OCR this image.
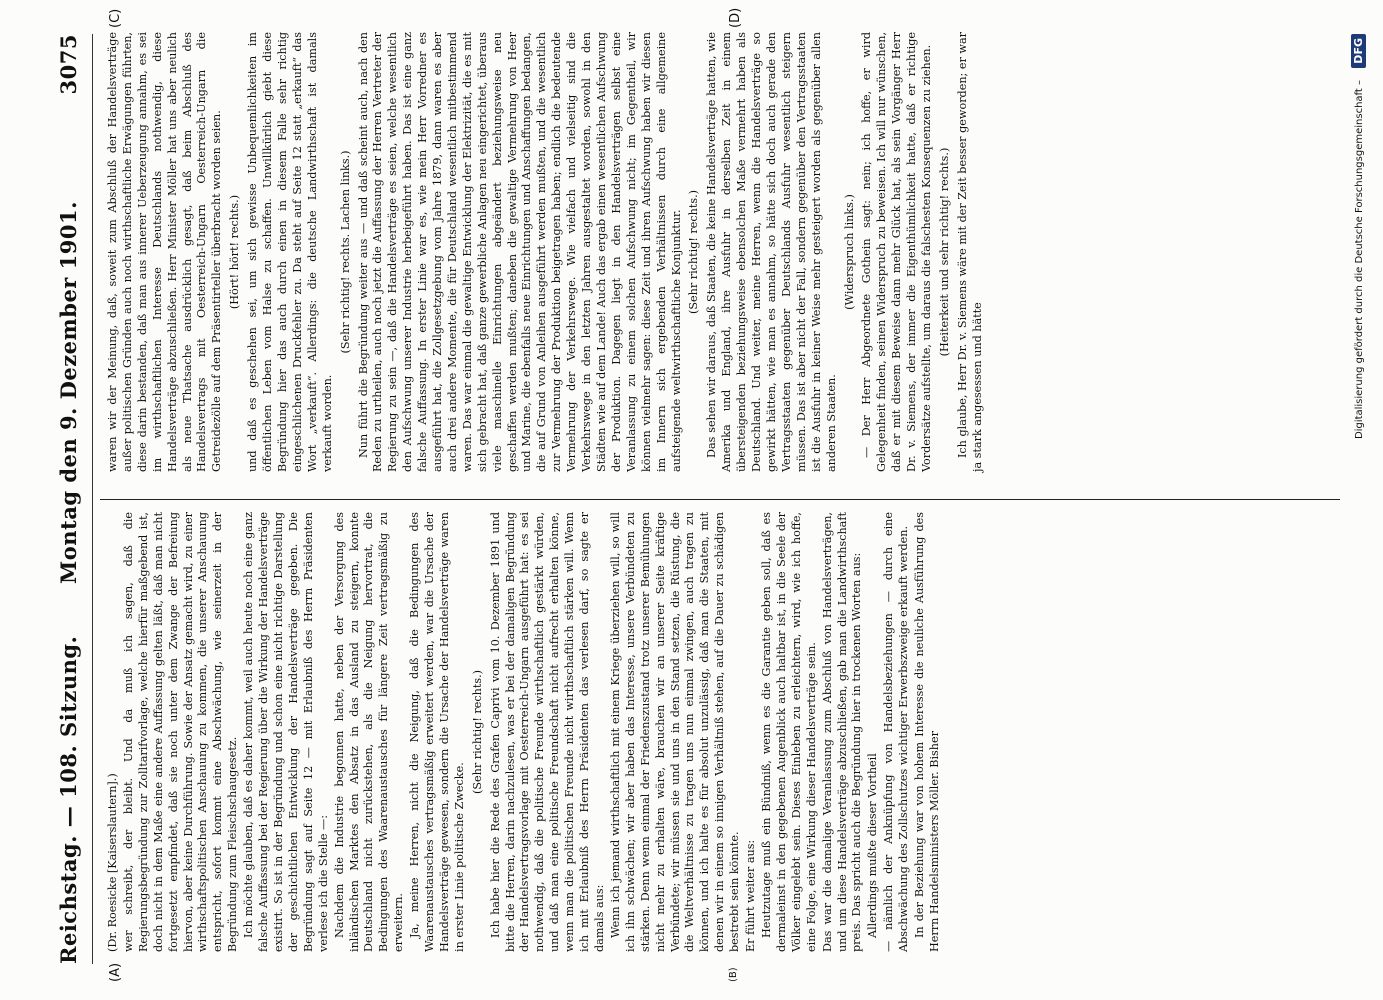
Reichstag. — 108. Sitzung.
Montag den 9. Dezember 1901.
3075
(A)	(B)
(C)	(D)

(Dr. Roesicke [Kaiserslautern].) wer schreibt, der bleibt. Und da muß ich sagen, daß die Regierungsbegründung zur Zolltarifvorlage, welche hierfür maßgebend ist, doch nicht in dem Maße eine andere Auffassung gelten läßt, daß man nicht fortgesetzt empfindet, daß sie noch unter dem Zwange der Befreiung hiervon, aber keine Durchführung. Sowie der Ansatz gemacht wird, zu einer wirthschaftspolitischen Anschauung zu kommen, die unserer Anschauung entspricht, sofort kommt eine Abschwächung, wie seinerzeit in der Begründung zum Fleischschaugesetz. Ich möchte glauben, daß es daher kommt, weil auch heute noch eine ganz falsche Auffassung bei der Regierung über die Wirkung der Handelsverträge existirt. So ist in der Begründung und schon eine nicht richtige Darstellung der geschichtlichen Entwicklung der Handelsverträge gegeben. Die Begründung sagt auf Seite 12 — mit Erlaubniß des Herrn Präsidenten verlese ich die Stelle —: Nachdem die Industrie begonnen hatte, neben der Versorgung des inländischen Marktes den Absatz in das Ausland zu steigern, konnte Deutschland nicht zurückstehen, als die Neigung hervortrat, die Bedingungen des Waarenaustausches für längere Zeit vertragsmäßig zu erweitern. Ja, meine Herren, nicht die Neigung, daß die Bedingungen des Waarenaustausches vertragsmäßig erweitert werden, war die Ursache der Handelsverträge gewesen, sondern die Ursache der Handelsverträge waren in erster Linie politische Zwecke.

(Sehr richtig! rechts.) Ich habe hier die Rede des Grafen Caprivi vom 10. Dezember 1891 und bitte die Herren, darin nachzulesen, was er bei der damaligen Begründung der Handelsvertragsvorlage mit Oesterreich-Ungarn ausgeführt hat: es sei nothwendig, daß die politische Freunde wirthschaftlich gestärkt würden, und daß man eine politische Freundschaft nicht aufrecht erhalten könne, wenn man die politischen Freunde nicht wirthschaftlich stärken will. Wenn ich mit Erlaubniß des Herrn Präsidenten das verlesen darf, so sagte er damals aus: Wenn ich jemand wirthschaftlich mit einem Kriege überziehen will, so will ich ihn schwächen; wir aber haben das Interesse, unsere Verbündeten zu stärken. Denn wenn einmal der Friedenszustand trotz unserer Bemühungen nicht mehr zu erhalten wäre, brauchen wir an unserer Seite kräftige Verbündete; wir müssen sie und uns in den Stand setzen, die Rüstung, die die Weltverhältnisse zu tragen uns nun einmal zwingen, auch tragen zu können, und ich halte es für absolut unzulässig, daß man die Staaten, mit denen wir in einem so innigen Verhältniß stehen, auf die Dauer zu schädigen bestrebt sein könnte. Er führt weiter aus: Heutzutage muß ein Bündniß, wenn es die Garantie geben soll, daß es dermaleinst in den gegebenen Augenblick auch haltbar ist, in die Seele der Völker eingelebt sein. Dieses Einleben zu erleichtern, wird, wie ich hoffe, eine Folge, eine Wirkung dieser Handelsverträge sein. Das war die damalige Veranlassung zum Abschluß von Handelsverträgen, und um diese Handelsverträge abzuschließen, gab man die Landwirthschaft preis. Das spricht auch die Begründung hier in trockenen Worten aus: Allerdings mußte dieser Vortheil — nämlich der Anknüpfung von Handelsbeziehungen — durch eine Abschwächung des Zollschutzes wichtiger Erwerbszweige erkauft werden. In der Beziehung war von hohem Interesse die neuliche Ausführung des Herrn Handelsministers Möller. Bisher

waren wir der Meinung, daß, soweit zum Abschluß der Handelsverträge außer politischen Gründen auch noch wirthschaftliche Erwägungen führten, diese darin bestanden, daß man aus innerer Ueberzeugung annahm, es sei im wirthschaftlichen Interesse Deutschlands nothwendig, diese Handelsverträge abzuschließen. Herr Minister Möller hat uns aber neulich als neue Thatsache ausdrücklich gesagt, daß beim Abschluß des Handelsvertrags mit Oesterreich-Ungarn Oesterreich-Ungarn die Getreidezölle auf dem Präsentirteller überbracht worden seien. (Hört! hört! rechts.) und daß es geschehen sei, um sich gewisse Unbequemlichkeiten im öffentlichen Leben vom Halse zu schaffen. Unwillkürlich giebt diese Begründung hier das auch durch einen in diesem Falle sehr richtig eingeschlichenen Druckfehler zu. Da steht auf Seite 12 statt „erkauft“ das Wort „verkauft“. Allerdings: die deutsche Landwirthschaft ist damals verkauft worden.

(Sehr richtig! rechts. Lachen links.) Nun führt die Begründung weiter aus — und daß scheint auch, nach den Reden zu urtheilen, auch noch jetzt die Auffassung der Herren Vertreter der Regierung zu sein —, daß die Handelsverträge es seien, welche wesentlich den Aufschwung unserer Industrie herbeigeführt haben. Das ist eine ganz falsche Auffassung. In erster Linie war es, wie mein Herr Vorredner es ausgeführt hat, die Zollgesetzgebung vom Jahre 1879, dann waren es aber auch drei andere Momente, die für Deutschland wesentlich mitbestimmend waren. Das war einmal die gewaltige Entwicklung der Elektrizität, die es mit sich gebracht hat, daß ganze gewerbliche Anlagen neu eingerichtet, überaus viele maschinelle Einrichtungen abgeändert beziehungsweise neu geschaffen werden mußten; daneben die gewaltige Vermehrung von Heer und Marine, die ebenfalls neue Einrichtungen und Anschaffungen bedangen, die auf Grund von Anleihen ausgeführt werden mußten, und die wesentlich zur Vermehrung der Produktion beigetragen haben; endlich die bedeutende Vermehrung der Verkehrswege. Wie vielfach und vielseitig sind die Verkehrswege in den letzten Jahren ausgestaltet worden, sowohl in den Städten wie auf dem Lande! Auch das ergab einen wesentlichen Aufschwung der Produktion. Dagegen liegt in den Handelsverträgen selbst eine Veranlassung zu einem solchen Aufschwung nicht; im Gegentheil, wir können vielmehr sagen: diese Zeit und ihren Aufschwung haben wir diesen im Innern sich ergebenden Verhältnissen durch eine allgemeine aufsteigende weltwirthschaftliche Konjunktur. (Sehr richtig! rechts.) Das sehen wir daraus, daß Staaten, die keine Handelsverträge hatten, wie Amerika und England, ihre Ausfuhr in derselben Zeit in einem übersteigenden beziehungsweise ebensolchen Maße vermehrt haben als Deutschland. Und weiter, meine Herren, wenn die Handelsverträge so gewirkt hätten, wie man es annahm, so hätte sich doch auch gerade den Vertragsstaaten gegenüber Deutschlands Ausfuhr wesentlich steigern müssen. Das ist aber nicht der Fall, sondern gegenüber den Vertragsstaaten ist die Ausfuhr in keiner Weise mehr gesteigert worden als gegenüber allen anderen Staaten.

(Widerspruch links.) — Der Herr Abgeordnete Gothein sagt: nein; ich hoffe, er wird Gelegenheit finden, seinen Widerspruch zu beweisen. Ich will nur wünschen, daß er mit diesem Beweise dann mehr Glück hat, als sein Vorgänger Herr Dr. v. Siemens, der immer die Eigenthümlichkeit hatte, daß er richtige Vordersätze aufstellte, um daraus die falschesten Konsequenzen zu ziehen. (Heiterkeit und sehr richtig! rechts.) Ich glaube, Herr Dr. v. Siemens wäre mit der Zeit besser geworden; er war ja stark angesessen und hätte	Digitalisierung gefördert durch die Deutsche Forschungsgemeinschaft –
DFG
